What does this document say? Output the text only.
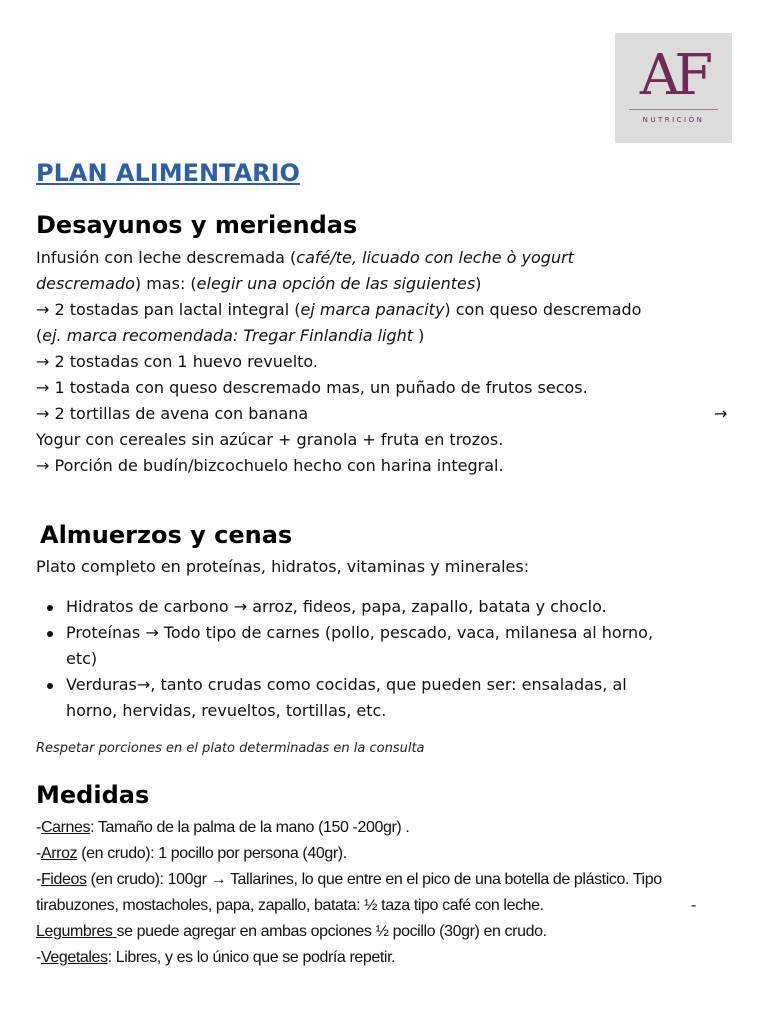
AF
NUTRICIÓN
PLAN ALIMENTARIO
Desayunos y meriendas
Infusión con leche descremada (café/te, licuado con leche ò yogurt
descremado) mas: (elegir una opción de las siguientes)
→ 2 tostadas pan lactal integral (ej marca panacity) con queso descremado
(ej. marca recomendada: Tregar Finlandia light )
→ 2 tostadas con 1 huevo revuelto.
→ 1 tostada con queso descremado mas, un puñado de frutos secos.
→ 2 tortillas de avena con banana	→
Yogur con cereales sin azúcar + granola + fruta en trozos.
→ Porción de budín/bizcochuelo hecho con harina integral.
Almuerzos y cenas
Plato completo en proteínas, hidratos, vitaminas y minerales:
Hidratos de carbono → arroz, fideos, papa, zapallo, batata y choclo.
Proteínas → Todo tipo de carnes (pollo, pescado, vaca, milanesa al horno,
etc)
Verduras→, tanto crudas como cocidas, que pueden ser: ensaladas, al
horno, hervidas, revueltos, tortillas, etc.
Respetar porciones en el plato determinadas en la consulta
Medidas
-Carnes: Tamaño de la palma de la mano (150 -200gr) .
-Arroz (en crudo): 1 pocillo por persona (40gr).
-Fideos (en crudo): 100gr → Tallarines, lo que entre en el pico de una botella de plástico. Tipo
tirabuzones, mostacholes, papa, zapallo, batata: ½ taza tipo café con leche.	-
Legumbres se puede agregar en ambas opciones ½ pocillo (30gr) en crudo.
-Vegetales: Libres, y es lo único que se podría repetir.
